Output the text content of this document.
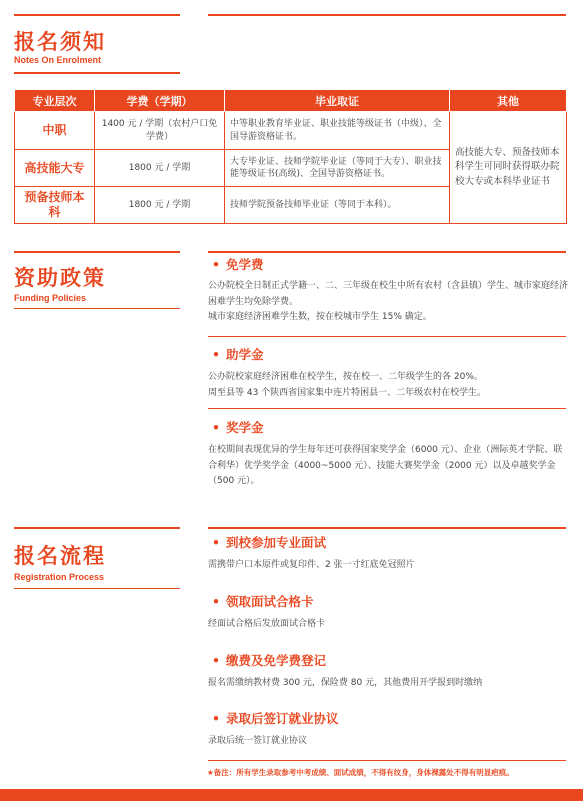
报名须知
Notes On Enrolment
专业层次	学费（学期）	毕业取证	其他
中职	1400 元 / 学期（农村户口免学费）	中等职业教育毕业证、职业技能等级证书（中级）、全国导游资格证书。	高技能大专、预备技师本科学生可同时获得联办院校大专或本科毕业证书
高技能大专	1800 元 / 学期	大专毕业证、技师学院毕业证（等同于大专）、职业技能等级证书(高级)、全国导游资格证书。	
预备技师本科	1800 元 / 学期	技师学院预备技师毕业证（等同于本科）。	
资助政策
Funding Policies
• 免学费
公办院校全日制正式学籍一、二、三年级在校生中所有农村（含县镇）学生、城市家庭经济困难学生均免除学费。
城市家庭经济困难学生数，按在校城市学生 15% 确定。
• 助学金
公办院校家庭经济困难在校学生，按在校一、二年级学生的各 20%。
周至县等 43 个陕西省国家集中连片特困县一、二年级农村在校学生。
• 奖学金
在校期间表现优异的学生每年还可获得国家奖学金（6000 元）、企业（洲际英才学院、联合利华）优学奖学金（4000~5000 元）、技能大赛奖学金（2000 元）以及卓越奖学金（500 元）。
报名流程
Registration Process
• 到校参加专业面试
需携带户口本原件或复印件、2 张一寸红底免冠照片
• 领取面试合格卡
经面试合格后发放面试合格卡
• 缴费及免学费登记
报名需缴纳教材费 300 元，保险费 80 元，其他费用开学报到时缴纳
• 录取后签订就业协议
录取后统一签订就业协议
★备注：所有学生录取参考中考成绩、面试成绩，不得有纹身，身体裸露处不得有明显疤痕。
